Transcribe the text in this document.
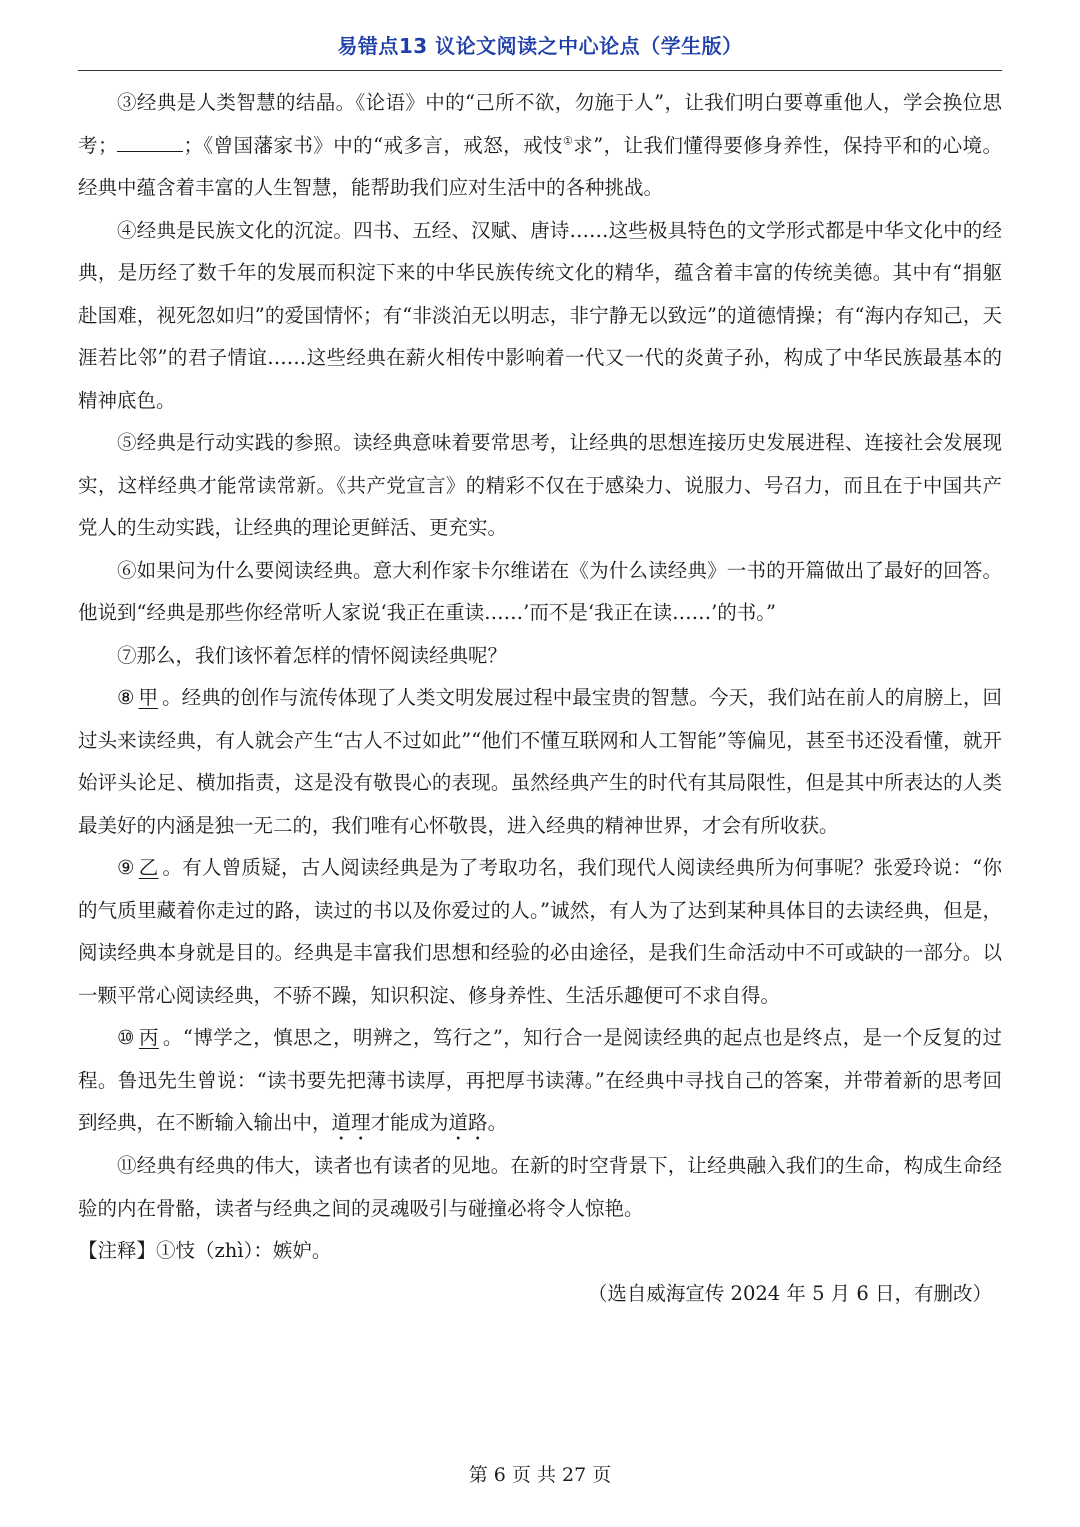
易错点13 议论文阅读之中心论点（学生版）

③经典是人类智慧的结晶。《论语》中的“己所不欲，勿施于人”，让我们明白要尊重他人，学会换位思考；	；《曾国藩家书》中的“戒多言，戒怒，戒忮①求”，让我们懂得要修身养性，保持平和的心境。经典中蕴含着丰富的人生智慧，能帮助我们应对生活中的各种挑战。

④经典是民族文化的沉淀。四书、五经、汉赋、唐诗……这些极具特色的文学形式都是中华文化中的经典，是历经了数千年的发展而积淀下来的中华民族传统文化的精华，蕴含着丰富的传统美德。其中有“捐躯赴国难，视死忽如归”的爱国情怀；有“非淡泊无以明志，非宁静无以致远”的道德情操；有“海内存知己，天涯若比邻”的君子情谊……这些经典在薪火相传中影响着一代又一代的炎黄子孙，构成了中华民族最基本的精神底色。

⑤经典是行动实践的参照。读经典意味着要常思考，让经典的思想连接历史发展进程、连接社会发展现实，这样经典才能常读常新。《共产党宣言》的精彩不仅在于感染力、说服力、号召力，而且在于中国共产党人的生动实践，让经典的理论更鲜活、更充实。

⑥如果问为什么要阅读经典。意大利作家卡尔维诺在《为什么读经典》一书的开篇做出了最好的回答。他说到“经典是那些你经常听人家说‘我正在重读……’而不是‘我正在读……’的书。”

⑦那么，我们该怀着怎样的情怀阅读经典呢？

⑧ 甲 。经典的创作与流传体现了人类文明发展过程中最宝贵的智慧。今天，我们站在前人的肩膀上，回过头来读经典，有人就会产生“古人不过如此”“他们不懂互联网和人工智能”等偏见，甚至书还没看懂，就开始评头论足、横加指责，这是没有敬畏心的表现。虽然经典产生的时代有其局限性，但是其中所表达的人类最美好的内涵是独一无二的，我们唯有心怀敬畏，进入经典的精神世界，才会有所收获。

⑨ 乙 。有人曾质疑，古人阅读经典是为了考取功名，我们现代人阅读经典所为何事呢？张爱玲说：“你的气质里藏着你走过的路，读过的书以及你爱过的人。”诚然，有人为了达到某种具体目的去读经典，但是，阅读经典本身就是目的。经典是丰富我们思想和经验的必由途径，是我们生命活动中不可或缺的一部分。以一颗平常心阅读经典，不骄不躁，知识积淀、修身养性、生活乐趣便可不求自得。

⑩ 丙 。“博学之，慎思之，明辨之，笃行之”，知行合一是阅读经典的起点也是终点，是一个反复的过程。鲁迅先生曾说：“读书要先把薄书读厚，再把厚书读薄。”在经典中寻找自己的答案，并带着新的思考回到经典，在不断输入输出中，道理才能成为道路。

⑪经典有经典的伟大，读者也有读者的见地。在新的时空背景下，让经典融入我们的生命，构成生命经验的内在骨骼，读者与经典之间的灵魂吸引与碰撞必将令人惊艳。

【注释】①忮（zhì）：嫉妒。

（选自威海宣传 2024 年 5 月 6 日，有删改）

第 6 页 共 27 页
